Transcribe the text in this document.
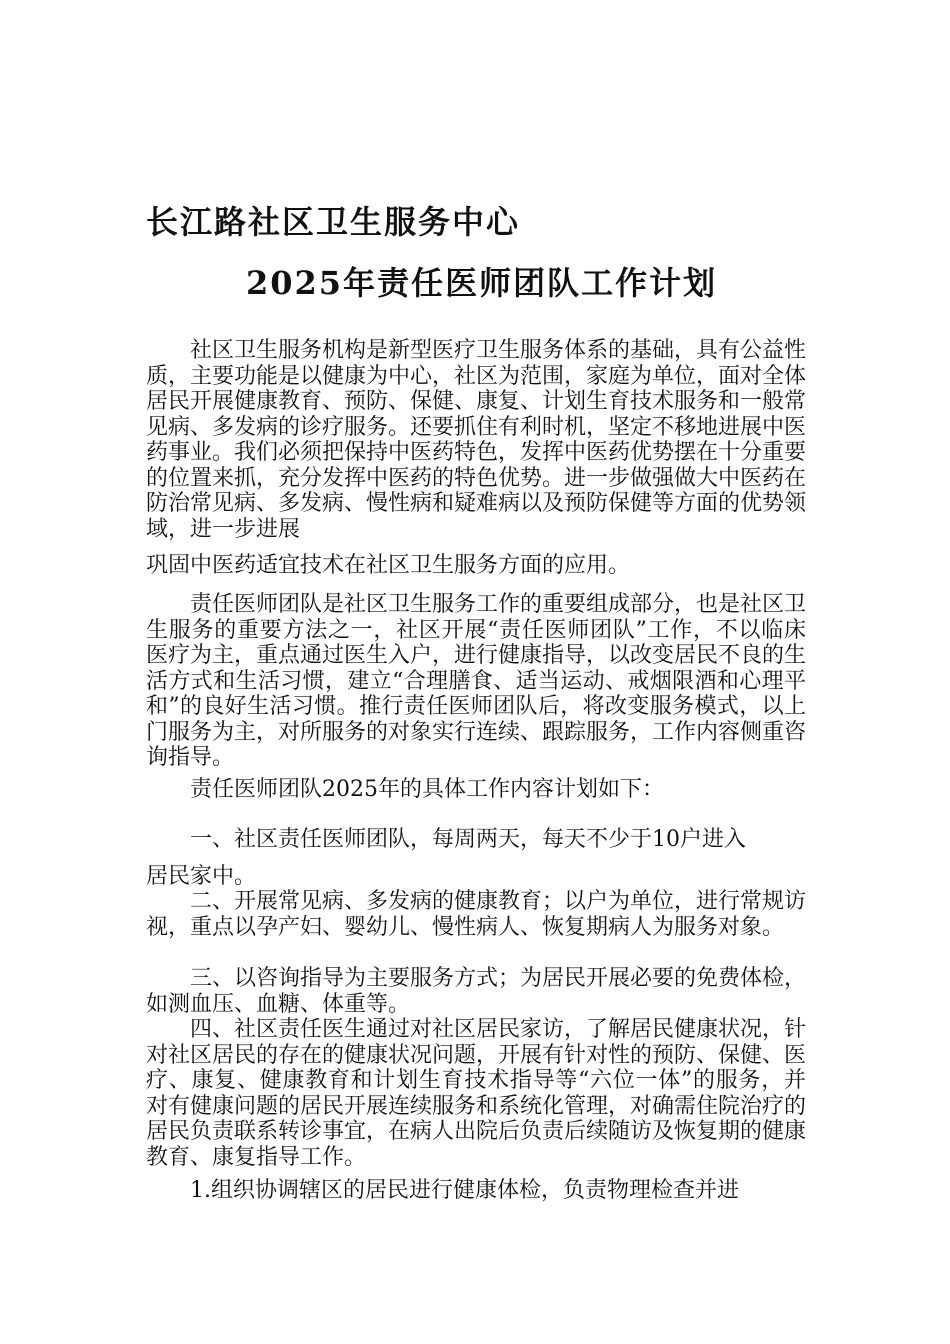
长江路社区卫生服务中心
2025年责任医师团队工作计划

社区卫生服务机构是新型医疗卫生服务体系的基础，具有公益性质，主要功能是以健康为中心，社区为范围，家庭为单位，面对全体居民开展健康教育、预防、保健、康复、计划生育技术服务和一般常见病、多发病的诊疗服务。还要抓住有利时机，坚定不移地进展中医药事业。我们必须把保持中医药特色，发挥中医药优势摆在十分重要的位置来抓，充分发挥中医药的特色优势。进一步做强做大中医药在防治常见病、多发病、慢性病和疑难病以及预防保健等方面的优势领域，进一步进展

巩固中医药适宜技术在社区卫生服务方面的应用。

责任医师团队是社区卫生服务工作的重要组成部分，也是社区卫生服务的重要方法之一，社区开展“责任医师团队”工作，不以临床医疗为主，重点通过医生入户，进行健康指导，以改变居民不良的生活方式和生活习惯，建立“合理膳食、适当运动、戒烟限酒和心理平和”的良好生活习惯。推行责任医师团队后，将改变服务模式，以上门服务为主，对所服务的对象实行连续、跟踪服务，工作内容侧重咨询指导。

责任医师团队2025年的具体工作内容计划如下：

一、社区责任医师团队，每周两天，每天不少于10户进入

居民家中。

二、开展常见病、多发病的健康教育；以户为单位，进行常规访视，重点以孕产妇、婴幼儿、慢性病人、恢复期病人为服务对象。

三、以咨询指导为主要服务方式；为居民开展必要的免费体检，如测血压、血糖、体重等。

四、社区责任医生通过对社区居民家访，了解居民健康状况，针对社区居民的存在的健康状况问题，开展有针对性的预防、保健、医疗、康复、健康教育和计划生育技术指导等“六位一体”的服务，并对有健康问题的居民开展连续服务和系统化管理，对确需住院治疗的居民负责联系转诊事宜，在病人出院后负责后续随访及恢复期的健康教育、康复指导工作。

1.组织协调辖区的居民进行健康体检，负责物理检查并进
